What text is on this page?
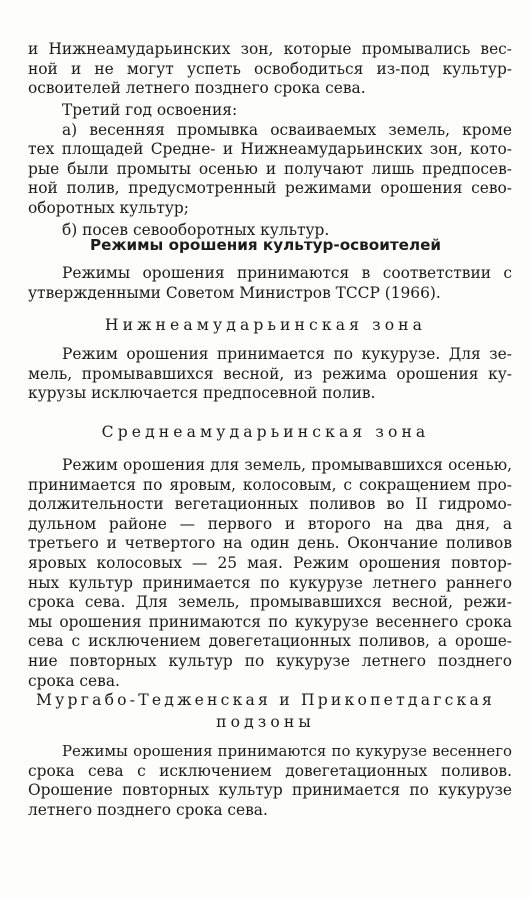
и Нижнеамударьинских зон, которые промывались вес-
ной и не могут успеть освободиться из-под культур-
освоителей летнего позднего срока сева.
Третий год освоения:
а) весенняя промывка осваиваемых земель, кроме
тех площадей Средне- и Нижнеамударьинских зон, кото-
рые были промыты осенью и получают лишь предпосев-
ной полив, предусмотренный режимами орошения сево-
оборотных культур;
б) посев севооборотных культур.
Режимы орошения культур-освоителей
Режимы орошения принимаются в соответствии с
утвержденными Советом Министров ТССР (1966).
Нижнеамударьинская зона
Режим орошения принимается по кукурузе. Для зе-
мель, промывавшихся весной, из режима орошения ку-
курузы исключается предпосевной полив.
Среднеамударьинская зона
Режим орошения для земель, промывавшихся осенью,
принимается по яровым, колосовым, с сокращением про-
должительности вегетационных поливов во II гидромо-
дульном районе — первого и второго на два дня, а
третьего и четвертого на один день. Окончание поливов
яровых колосовых — 25 мая. Режим орошения повтор-
ных культур принимается по кукурузе летнего раннего
срока сева. Для земель, промывавшихся весной, режи-
мы орошения принимаются по кукурузе весеннего срока
сева с исключением довегетационных поливов, а ороше-
ние повторных культур по кукурузе летнего позднего
срока сева.
Мургабо-Теджeнская и Прикопетдагская
подзоны
Режимы орошения принимаются по кукурузе весеннего
срока сева с исключением довегетационных поливов.
Орошение повторных культур принимается по кукурузе
летнего позднего срока сева.
